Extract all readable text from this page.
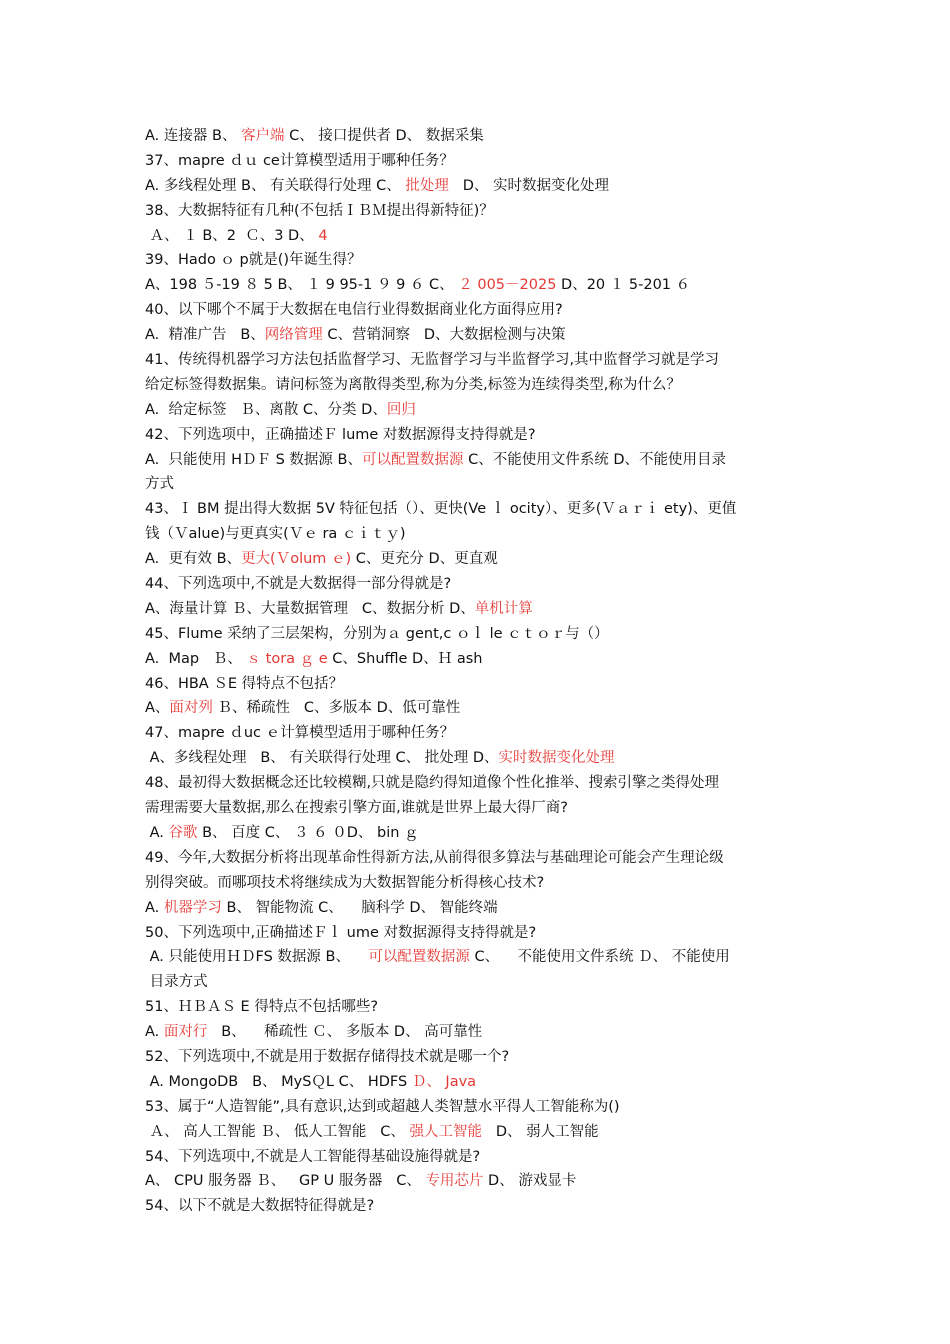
A. 连接器 B、 客户端 C、 接口提供者 D、 数据采集
37、mapre ｄｕ ce计算模型适用于哪种任务？
A. 多线程处理 B、 有关联得行处理 C、 批处理   D、 实时数据变化处理
38、大数据特征有几种(不包括ＩＢＭ提出得新特征)？
Ａ、 １ B、2  Ｃ、3 D、 4
39、Hado ｏ p就是()年诞生得？
A、198 ５-19 ８ 5 B、 １ 9 95-1 ９ 9 ６ C、 ２ 005－2025 D、20 １ 5-201 ６
40、以下哪个不属于大数据在电信行业得数据商业化方面得应用?
A.  精准广告   B、网络管理 C、营销洞察   D、大数据检测与决策
41、传统得机器学习方法包括监督学习、无监督学习与半监督学习,其中监督学习就是学习
给定标签得数据集。请问标签为离散得类型,称为分类,标签为连续得类型,称为什么？
A.  给定标签   Ｂ、离散 C、分类 D、回归
42、下列选项中，正确描述Ｆ lume 对数据源得支持得就是?
A.  只能使用 HＤＦ S 数据源 B、可以配置数据源 C、不能使用文件系统 D、不能使用目录
方式
43、Ｉ BM 提出得大数据 5V 特征包括（）、更快(Ve ｌ ocity）、更多(Ｖａｒｉ ety)、更值
钱（Ｖalue)与更真实(Ｖｅ ra ｃｉｔｙ)
A.  更有效 B、更大(Ｖolum ｅ) C、更充分 D、更直观
44、下列选项中,不就是大数据得一部分得就是?
A、海量计算 Ｂ、大量数据管理   C、数据分析 D、单机计算
45、Flume 采纳了三层架构，分别为ａ gent,c ｏｌ le ｃｔｏｒ与（）
A.  Map   Ｂ、 ｓ tora ｇ e C、Shuffle D、Ｈ ash
46、HBA ＳE 得特点不包括？
A、面对列 Ｂ、稀疏性   C、多版本 D、低可靠性
47、mapre ｄuc ｅ计算模型适用于哪种任务？
A、多线程处理   B、 有关联得行处理 C、 批处理 D、实时数据变化处理
48、最初得大数据概念还比较模糊,只就是隐约得知道像个性化推举、搜索引擎之类得处理
需理需要大量数据,那么在搜索引擎方面,谁就是世界上最大得厂商?
A. 谷歌 B、 百度 C、 ３ ６ ０D、 bin ｇ
49、今年,大数据分析将出现革命性得新方法,从前得很多算法与基础理论可能会产生理论级
别得突破。而哪项技术将继续成为大数据智能分析得核心技术?
A. 机器学习 B、 智能物流 C、    脑科学 D、 智能终端
50、下列选项中,正确描述Ｆｌ ume 对数据源得支持得就是?
A. 只能使用ＨＤFS 数据源 B、    可以配置数据源 C、    不能使用文件系统 Ｄ、 不能使用
目录方式
51、ＨＢＡＳ E 得特点不包括哪些?
A. 面对行   B、    稀疏性 Ｃ、 多版本 D、 高可靠性
52、下列选项中,不就是用于数据存储得技术就是哪一个?
A. MongoDB   B、 MySＱL C、 HDFS Ｄ、 Java
53、属于“人造智能”,具有意识,达到或超越人类智慧水平得人工智能称为()
Ａ、 高人工智能 Ｂ、 低人工智能   C、 强人工智能   D、 弱人工智能
54、下列选项中,不就是人工智能得基础设施得就是?
A、 CPU 服务器 Ｂ、   GP U 服务器   C、 专用芯片 D、 游戏显卡
54、以下不就是大数据特征得就是?
